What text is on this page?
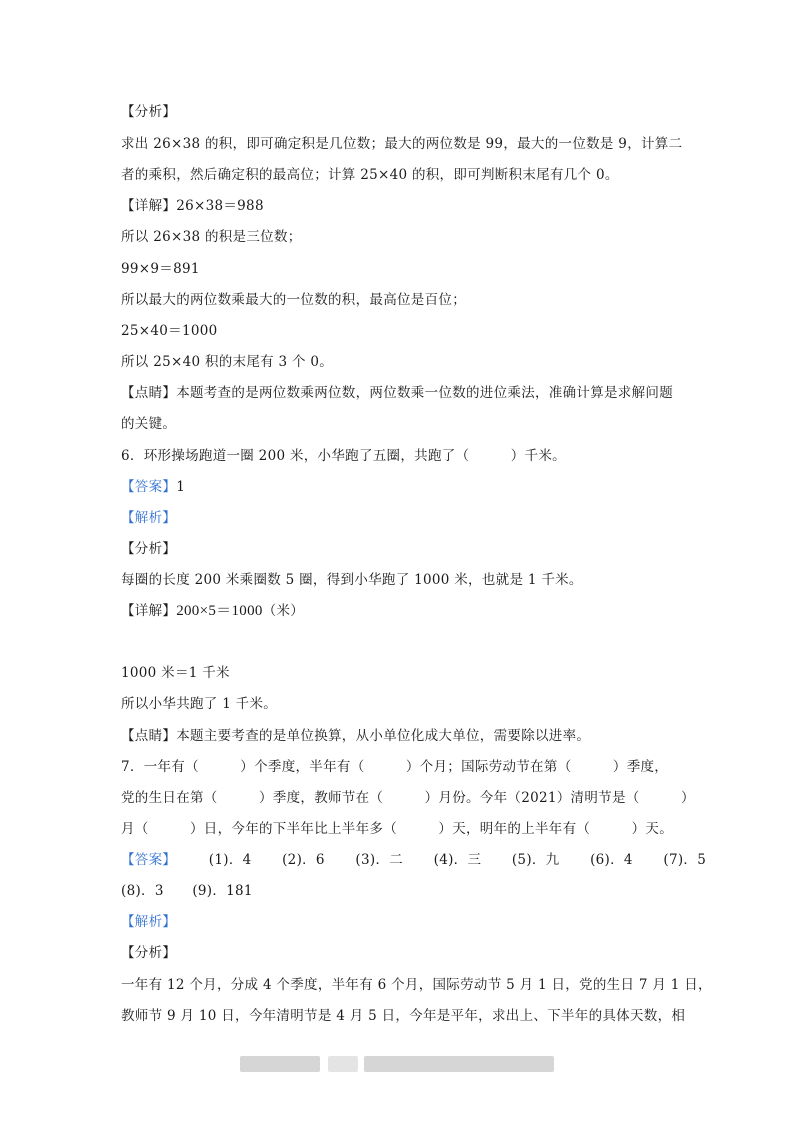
【分析】
求出 26×38 的积，即可确定积是几位数；最大的两位数是 99，最大的一位数是 9，计算二
者的乘积，然后确定积的最高位；计算 25×40 的积，即可判断积末尾有几个 0。
【详解】26×38＝988
所以 26×38 的积是三位数；
99×9＝891
所以最大的两位数乘最大的一位数的积，最高位是百位；
25×40＝1000
所以 25×40 积的末尾有 3 个 0。
【点睛】本题考查的是两位数乘两位数，两位数乘一位数的进位乘法，准确计算是求解问题
的关键。
6．环形操场跑道一圈 200 米，小华跑了五圈，共跑了（　　　）千米。
【答案】1
【解析】
【分析】
每圈的长度 200 米乘圈数 5 圈，得到小华跑了 1000 米，也就是 1 千米。
【详解】200×5＝1000（米）
1000 米＝1 千米
所以小华共跑了 1 千米。
【点睛】本题主要考查的是单位换算，从小单位化成大单位，需要除以进率。
7．一年有（　　　）个季度，半年有（　　　）个月；国际劳动节在第（　　　）季度，
党的生日在第（　　　）季度，教师节在（　　　）月份。今年（2021）清明节是（　　　）
月（　　　）日，今年的下半年比上半年多（　　　）天，明年的上半年有（　　　）天。
【答案】 (1)．4 (2)．6 (3)．二 (4)．三 (5)．九 (6)．4 (7)．5
(8)．3 (9)．181
【解析】
【分析】
一年有 12 个月，分成 4 个季度，半年有 6 个月，国际劳动节 5 月 1 日，党的生日 7 月 1 日，
教师节 9 月 10 日，今年清明节是 4 月 5 日，今年是平年，求出上、下半年的具体天数，相
